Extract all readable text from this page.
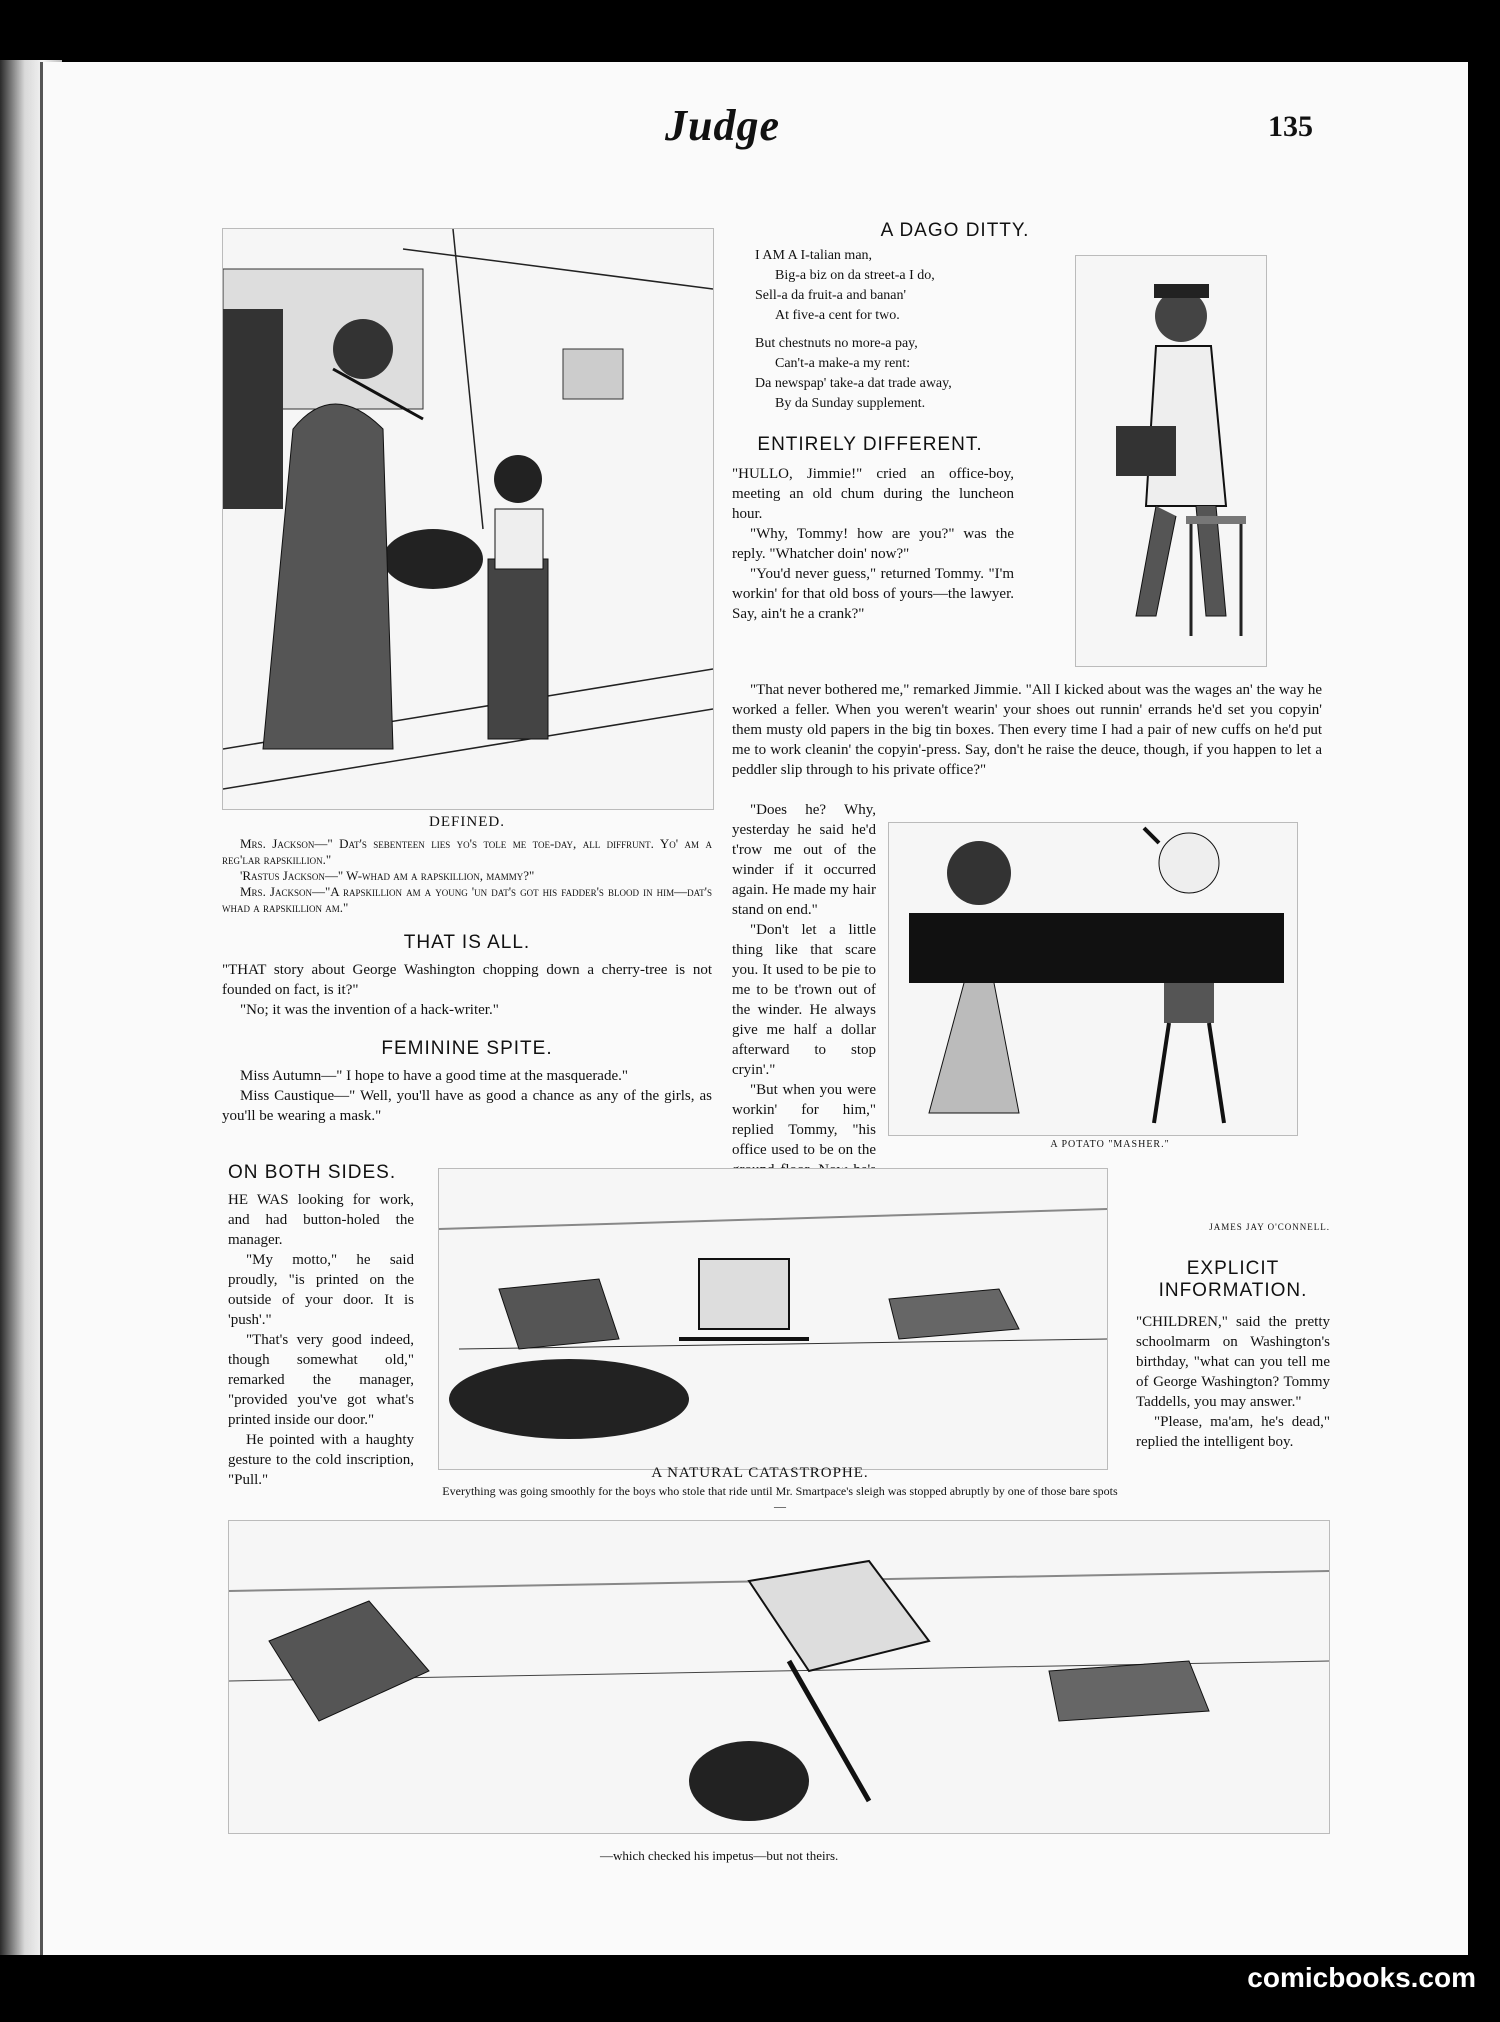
Judge	135
DEFINED.

Mrs. Jackson—" Dat's sebenteen lies yo's tole me toe-day, all diffrunt. Yo' am a reg'lar rapskillion."

'Rastus Jackson—" W-whad am a rapskillion, mammy?"

Mrs. Jackson—"A rapskillion am a young 'un dat's got his fadder's blood in him—dat's whad a rapskillion am."

THAT IS ALL.

"THAT story about George Washington chopping down a cherry-tree is not founded on fact, is it?"

"No; it was the invention of a hack-writer."

FEMININE SPITE.

Miss Autumn—" I hope to have a good time at the masquerade."

Miss Caustique—" Well, you'll have as good a chance as any of the girls, as you'll be wearing a mask."

A DAGO DITTY.
I AM A I-talian man,
Big-a biz on da street-a I do,
Sell-a da fruit-a and banan'
At five-a cent for two.
But chestnuts no more-a pay,
Can't-a make-a my rent:
Da newspap' take-a dat trade away,
By da Sunday supplement.
ENTIRELY DIFFERENT.

"HULLO, Jimmie!" cried an office-boy, meeting an old chum during the luncheon hour.

"Why, Tommy! how are you?" was the reply. "Whatcher doin' now?"

"You'd never guess," returned Tommy. "I'm workin' for that old boss of yours—the lawyer. Say, ain't he a crank?"

"That never bothered me," remarked Jimmie. "All I kicked about was the wages an' the way he worked a feller. When you weren't wearin' your shoes out runnin' errands he'd set you copyin' them musty old papers in the big tin boxes. Then every time I had a pair of new cuffs on he'd put me to work cleanin' the copyin'-press. Say, don't he raise the deuce, though, if you happen to let a peddler slip through to his private office?"

"Does he? Why, yesterday he said he'd t'row me out of the winder if it occurred again. He made my hair stand on end."

"Don't let a little thing like that scare you. It used to be pie to me to be t'rown out of the winder. He always give me half a dollar afterward to stop cryin'."

"But when you were workin' for him," replied Tommy, "his office used to be on the	A POTATO "MASHER."
ON BOTH SIDES.

HE WAS looking for work, and had button-holed the manager.

"My motto," he said proudly, "is printed on the outside of your door. It is 'push'."

"That's very good indeed, though somewhat old," remarked the manager, "provided you've got what's printed inside our door."

He pointed with a haughty gesture to the cold inscription, "Pull."

JAMES JAY O'CONNELL.
EXPLICIT INFORMATION.

"CHILDREN," said the pretty schoolmarm on Washington's birthday, "what can you tell me of George Washington? Tommy Taddells, you may answer."

"Please, ma'am, he's dead," replied the intelligent boy.

A NATURAL CATASTROPHE.
Everything was going smoothly for the boys who stole that ride until Mr. Smartpace's sleigh was stopped abruptly by one of those bare spots—
—which checked his impetus—but not theirs.
comicbooks.com
